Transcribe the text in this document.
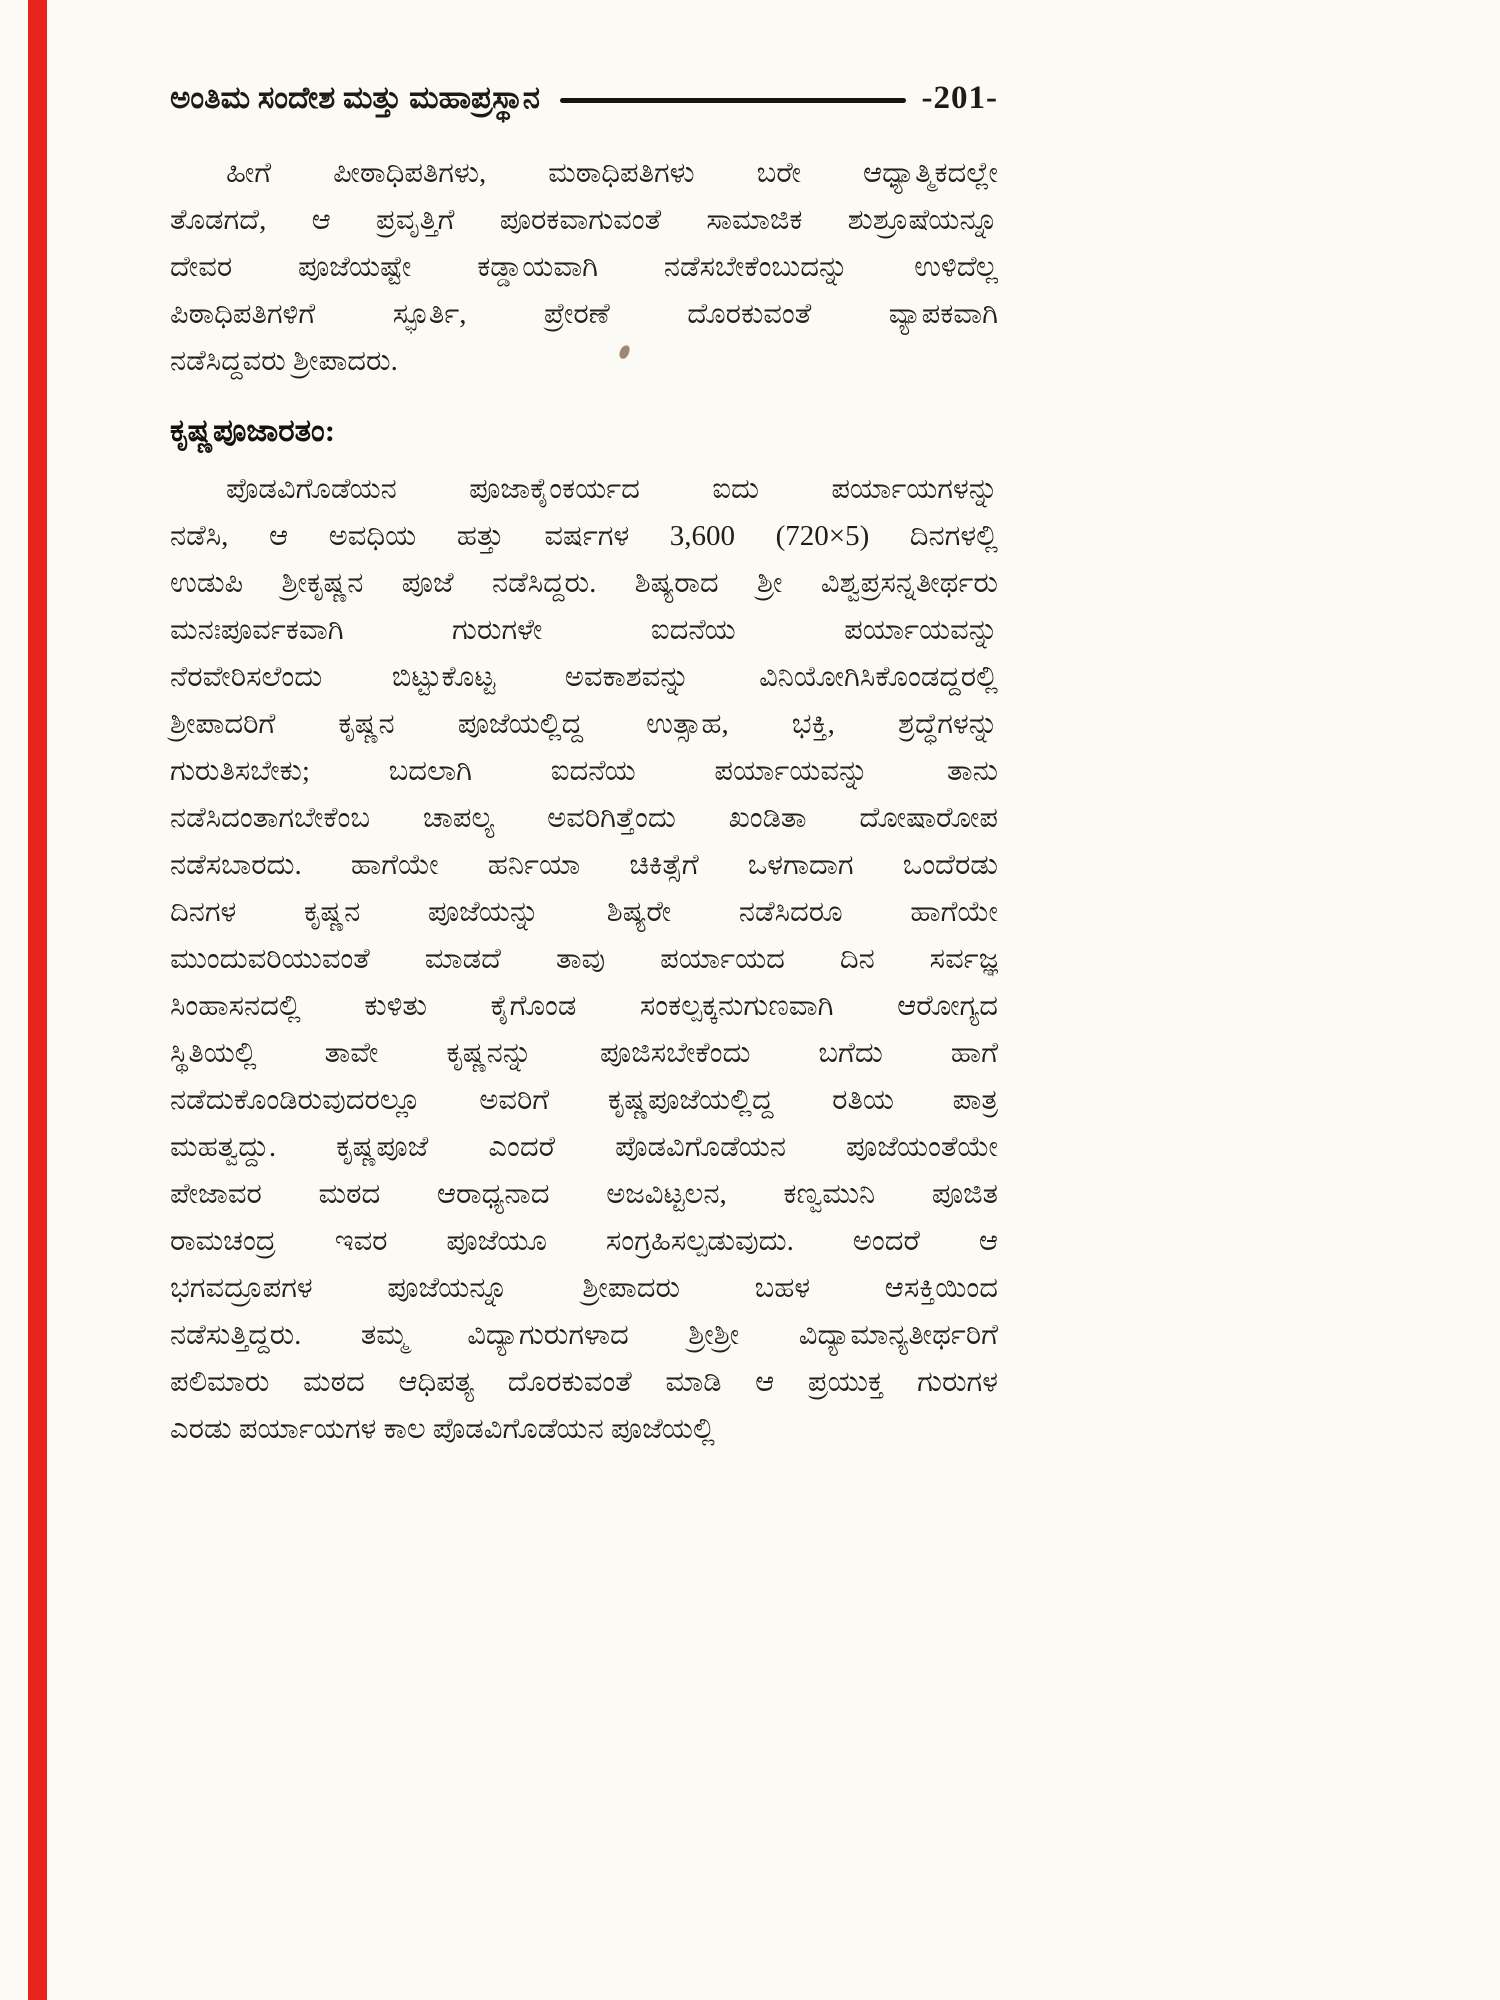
ಅಂತಿಮ ಸಂದೇಶ ಮತ್ತು ಮಹಾಪ್ರಸ್ಥಾನ	-201-
ಹೀಗೆ ಪೀಠಾಧಿಪತಿಗಳು, ಮಠಾಧಿಪತಿಗಳು ಬರೇ ಆಧ್ಯಾತ್ಮಿಕದಲ್ಲೇ
ತೊಡಗದೆ, ಆ ಪ್ರವೃತ್ತಿಗೆ ಪೂರಕವಾಗುವಂತೆ ಸಾಮಾಜಿಕ ಶುಶ್ರೂಷೆಯನ್ನೂ
ದೇವರ ಪೂಜೆಯಷ್ಟೇ ಕಡ್ಡಾಯವಾಗಿ ನಡೆಸಬೇಕೆಂಬುದನ್ನು ಉಳಿದೆಲ್ಲ
ಪಿಠಾಧಿಪತಿಗಳಿಗೆ ಸ್ಫೂರ್ತಿ, ಪ್ರೇರಣೆ ದೊರಕುವಂತೆ ವ್ಯಾಪಕವಾಗಿ
ನಡೆಸಿದ್ದವರು ಶ್ರೀಪಾದರು.
ಕೃಷ್ಣಪೂಜಾರತಂ:
ಪೊಡವಿಗೊಡೆಯನ ಪೂಜಾಕೈಂಕರ್ಯದ ಐದು ಪರ್ಯಾಯಗಳನ್ನು
ನಡೆಸಿ, ಆ ಅವಧಿಯ ಹತ್ತು ವರ್ಷಗಳ 3,600 (720×5) ದಿನಗಳಲ್ಲಿ
ಉಡುಪಿ ಶ್ರೀಕೃಷ್ಣನ ಪೂಜೆ ನಡೆಸಿದ್ದರು. ಶಿಷ್ಯರಾದ ಶ್ರೀ ವಿಶ್ವಪ್ರಸನ್ನತೀರ್ಥರು
ಮನಃಪೂರ್ವಕವಾಗಿ ಗುರುಗಳೇ ಐದನೆಯ ಪರ್ಯಾಯವನ್ನು
ನೆರವೇರಿಸಲೆಂದು ಬಿಟ್ಟುಕೊಟ್ಟ ಅವಕಾಶವನ್ನು ವಿನಿಯೋಗಿಸಿಕೊಂಡದ್ದರಲ್ಲಿ
ಶ್ರೀಪಾದರಿಗೆ ಕೃಷ್ಣನ ಪೂಜೆಯಲ್ಲಿದ್ದ ಉತ್ಸಾಹ, ಭಕ್ತಿ, ಶ್ರದ್ಧೆಗಳನ್ನು
ಗುರುತಿಸಬೇಕು; ಬದಲಾಗಿ ಐದನೆಯ ಪರ್ಯಾಯವನ್ನು ತಾನು
ನಡೆಸಿದಂತಾಗಬೇಕೆಂಬ ಚಾಪಲ್ಯ ಅವರಿಗಿತ್ತೆಂದು ಖಂಡಿತಾ ದೋಷಾರೋಪ
ನಡೆಸಬಾರದು. ಹಾಗೆಯೇ ಹರ್ನಿಯಾ ಚಿಕಿತ್ಸೆಗೆ ಒಳಗಾದಾಗ ಒಂದೆರಡು
ದಿನಗಳ ಕೃಷ್ಣನ ಪೂಜೆಯನ್ನು ಶಿಷ್ಯರೇ ನಡೆಸಿದರೂ ಹಾಗೆಯೇ
ಮುಂದುವರಿಯುವಂತೆ ಮಾಡದೆ ತಾವು ಪರ್ಯಾಯದ ದಿನ ಸರ್ವಜ್ಞ
ಸಿಂಹಾಸನದಲ್ಲಿ ಕುಳಿತು ಕೈಗೊಂಡ ಸಂಕಲ್ಪಕ್ಕನುಗುಣವಾಗಿ ಆರೋಗ್ಯದ
ಸ್ಥಿತಿಯಲ್ಲಿ ತಾವೇ ಕೃಷ್ಣನನ್ನು ಪೂಜಿಸಬೇಕೆಂದು ಬಗೆದು ಹಾಗೆ
ನಡೆದುಕೊಂಡಿರುವುದರಲ್ಲೂ ಅವರಿಗೆ ಕೃಷ್ಣಪೂಜೆಯಲ್ಲಿದ್ದ ರತಿಯ ಪಾತ್ರ
ಮಹತ್ವದ್ದು. ಕೃಷ್ಣಪೂಜೆ ಎಂದರೆ ಪೊಡವಿಗೊಡೆಯನ ಪೂಜೆಯಂತೆಯೇ
ಪೇಜಾವರ ಮಠದ ಆರಾಧ್ಯನಾದ ಅಜವಿಟ್ಟಲನ, ಕಣ್ವಮುನಿ ಪೂಜಿತ
ರಾಮಚಂದ್ರ ಇವರ ಪೂಜೆಯೂ ಸಂಗ್ರಹಿಸಲ್ಪಡುವುದು. ಅಂದರೆ ಆ
ಭಗವದ್ರೂಪಗಳ ಪೂಜೆಯನ್ನೂ ಶ್ರೀಪಾದರು ಬಹಳ ಆಸಕ್ತಿಯಿಂದ
ನಡೆಸುತ್ತಿದ್ದರು. ತಮ್ಮ ವಿದ್ಯಾಗುರುಗಳಾದ ಶ್ರೀಶ್ರೀ ವಿದ್ಯಾಮಾನ್ಯತೀರ್ಥರಿಗೆ
ಪಲಿಮಾರು ಮಠದ ಆಧಿಪತ್ಯ ದೊರಕುವಂತೆ ಮಾಡಿ ಆ ಪ್ರಯುಕ್ತ ಗುರುಗಳ
ಎರಡು ಪರ್ಯಾಯಗಳ ಕಾಲ ಪೊಡವಿಗೊಡೆಯನ ಪೂಜೆಯಲ್ಲಿ
